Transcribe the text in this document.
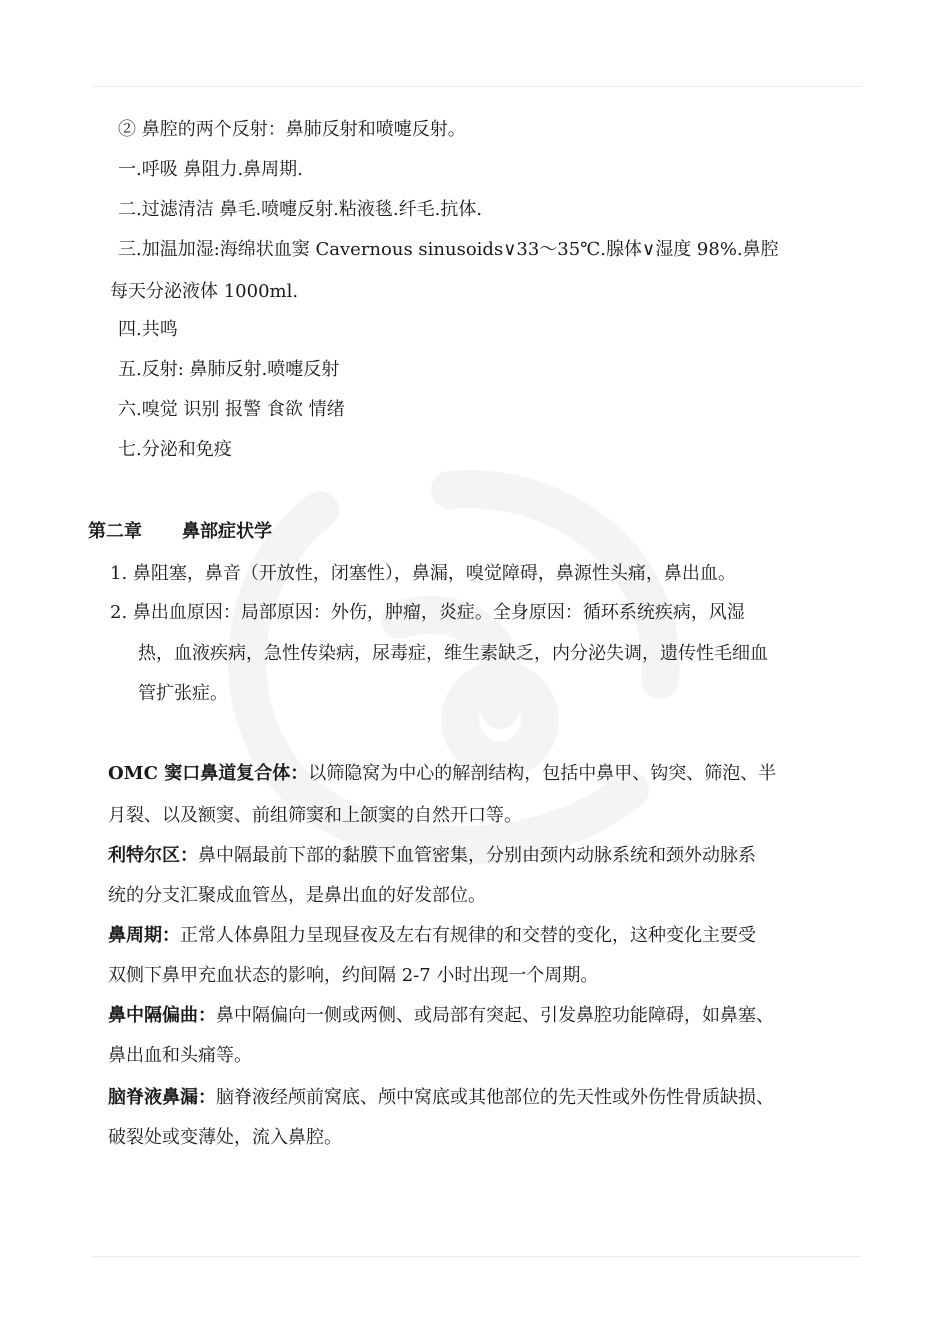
② 鼻腔的两个反射：鼻肺反射和喷嚏反射。
一.呼吸 鼻阻力.鼻周期.
二.过滤清洁 鼻毛.喷嚏反射.粘液毯.纤毛.抗体.
三.加温加湿:海绵状血窦 Cavernous sinusoids∨33～35℃.腺体∨湿度 98%.鼻腔
每天分泌液体 1000ml.
四.共鸣
五.反射: 鼻肺反射.喷嚏反射
六.嗅觉 识别 报警 食欲 情绪
七.分泌和免疫
第二章 鼻部症状学
1. 鼻阻塞，鼻音（开放性，闭塞性），鼻漏，嗅觉障碍，鼻源性头痛，鼻出血。
2. 鼻出血原因：局部原因：外伤，肿瘤，炎症。全身原因：循环系统疾病，风湿
热，血液疾病，急性传染病，尿毒症，维生素缺乏，内分泌失调，遗传性毛细血
管扩张症。
OMC 窦口鼻道复合体：以筛隐窝为中心的解剖结构，包括中鼻甲、钩突、筛泡、半
月裂、以及额窦、前组筛窦和上颌窦的自然开口等。
利特尔区：鼻中隔最前下部的黏膜下血管密集，分别由颈内动脉系统和颈外动脉系
统的分支汇聚成血管丛，是鼻出血的好发部位。
鼻周期：正常人体鼻阻力呈现昼夜及左右有规律的和交替的变化，这种变化主要受
双侧下鼻甲充血状态的影响，约间隔 2-7 小时出现一个周期。
鼻中隔偏曲：鼻中隔偏向一侧或两侧、或局部有突起、引发鼻腔功能障碍，如鼻塞、
鼻出血和头痛等。
脑脊液鼻漏：脑脊液经颅前窝底、颅中窝底或其他部位的先天性或外伤性骨质缺损、
破裂处或变薄处，流入鼻腔。
